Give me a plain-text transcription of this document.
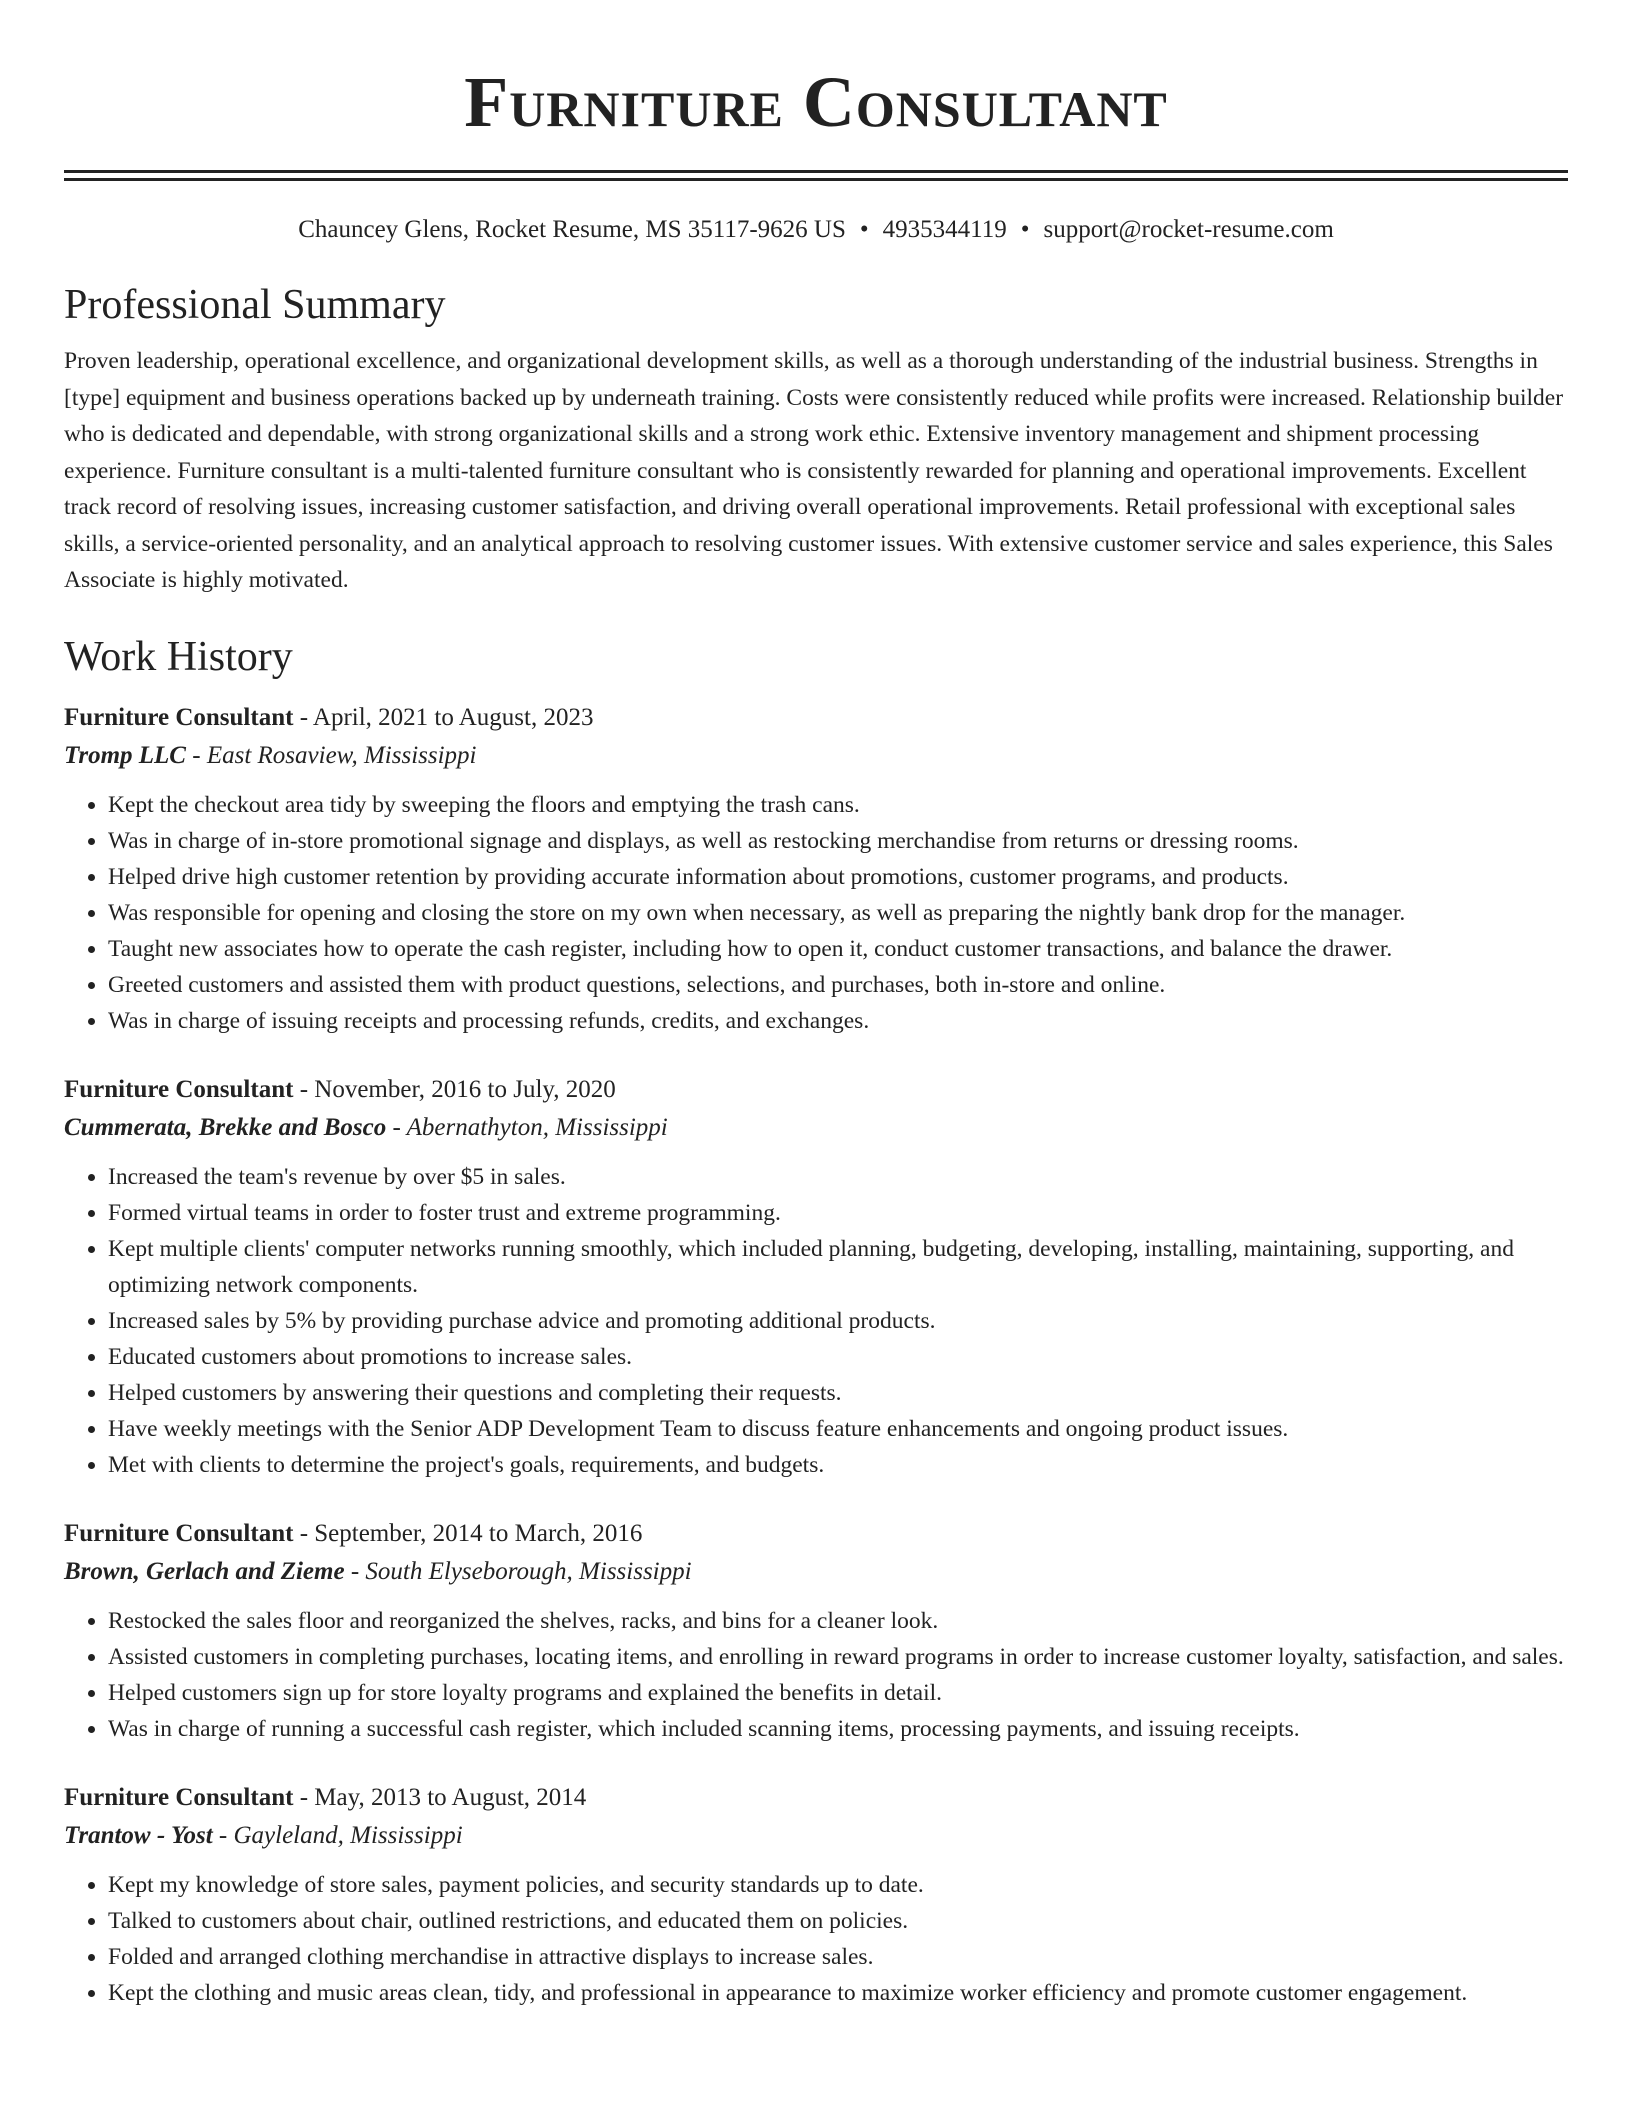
Furniture Consultant
Chauncey Glens, Rocket Resume, MS 35117-9626 US • 4935344119 • support@rocket-resume.com
Professional Summary

Proven leadership, operational excellence, and organizational development skills, as well as a thorough understanding of the industrial business. Strengths in [type] equipment and business operations backed up by underneath training. Costs were consistently reduced while profits were increased. Relationship builder who is dedicated and dependable, with strong organizational skills and a strong work ethic. Extensive inventory management and shipment processing experience. Furniture consultant is a multi-talented furniture consultant who is consistently rewarded for planning and operational improvements. Excellent track record of resolving issues, increasing customer satisfaction, and driving overall operational improvements. Retail professional with exceptional sales skills, a service-oriented personality, and an analytical approach to resolving customer issues. With extensive customer service and sales experience, this Sales Associate is highly motivated.

Work History
Furniture Consultant - April, 2021 to August, 2023
Tromp LLC - East Rosaview, Mississippi
• Kept the checkout area tidy by sweeping the floors and emptying the trash cans.
• Was in charge of in-store promotional signage and displays, as well as restocking merchandise from returns or dressing rooms.
• Helped drive high customer retention by providing accurate information about promotions, customer programs, and products.
• Was responsible for opening and closing the store on my own when necessary, as well as preparing the nightly bank drop for the manager.
• Taught new associates how to operate the cash register, including how to open it, conduct customer transactions, and balance the drawer.
• Greeted customers and assisted them with product questions, selections, and purchases, both in-store and online.
• Was in charge of issuing receipts and processing refunds, credits, and exchanges.
Furniture Consultant - November, 2016 to July, 2020
Cummerata, Brekke and Bosco - Abernathyton, Mississippi
• Increased the team's revenue by over $5 in sales.
• Formed virtual teams in order to foster trust and extreme programming.
• Kept multiple clients' computer networks running smoothly, which included planning, budgeting, developing, installing, maintaining, supporting, and optimizing network components.
• Increased sales by 5% by providing purchase advice and promoting additional products.
• Educated customers about promotions to increase sales.
• Helped customers by answering their questions and completing their requests.
• Have weekly meetings with the Senior ADP Development Team to discuss feature enhancements and ongoing product issues.
• Met with clients to determine the project's goals, requirements, and budgets.
Furniture Consultant - September, 2014 to March, 2016
Brown, Gerlach and Zieme - South Elyseborough, Mississippi
• Restocked the sales floor and reorganized the shelves, racks, and bins for a cleaner look.
• Assisted customers in completing purchases, locating items, and enrolling in reward programs in order to increase customer loyalty, satisfaction, and sales.
• Helped customers sign up for store loyalty programs and explained the benefits in detail.
• Was in charge of running a successful cash register, which included scanning items, processing payments, and issuing receipts.
Furniture Consultant - May, 2013 to August, 2014
Trantow - Yost - Gayleland, Mississippi
• Kept my knowledge of store sales, payment policies, and security standards up to date.
• Talked to customers about chair, outlined restrictions, and educated them on policies.
• Folded and arranged clothing merchandise in attractive displays to increase sales.
• Kept the clothing and music areas clean, tidy, and professional in appearance to maximize worker efficiency and promote customer engagement.
